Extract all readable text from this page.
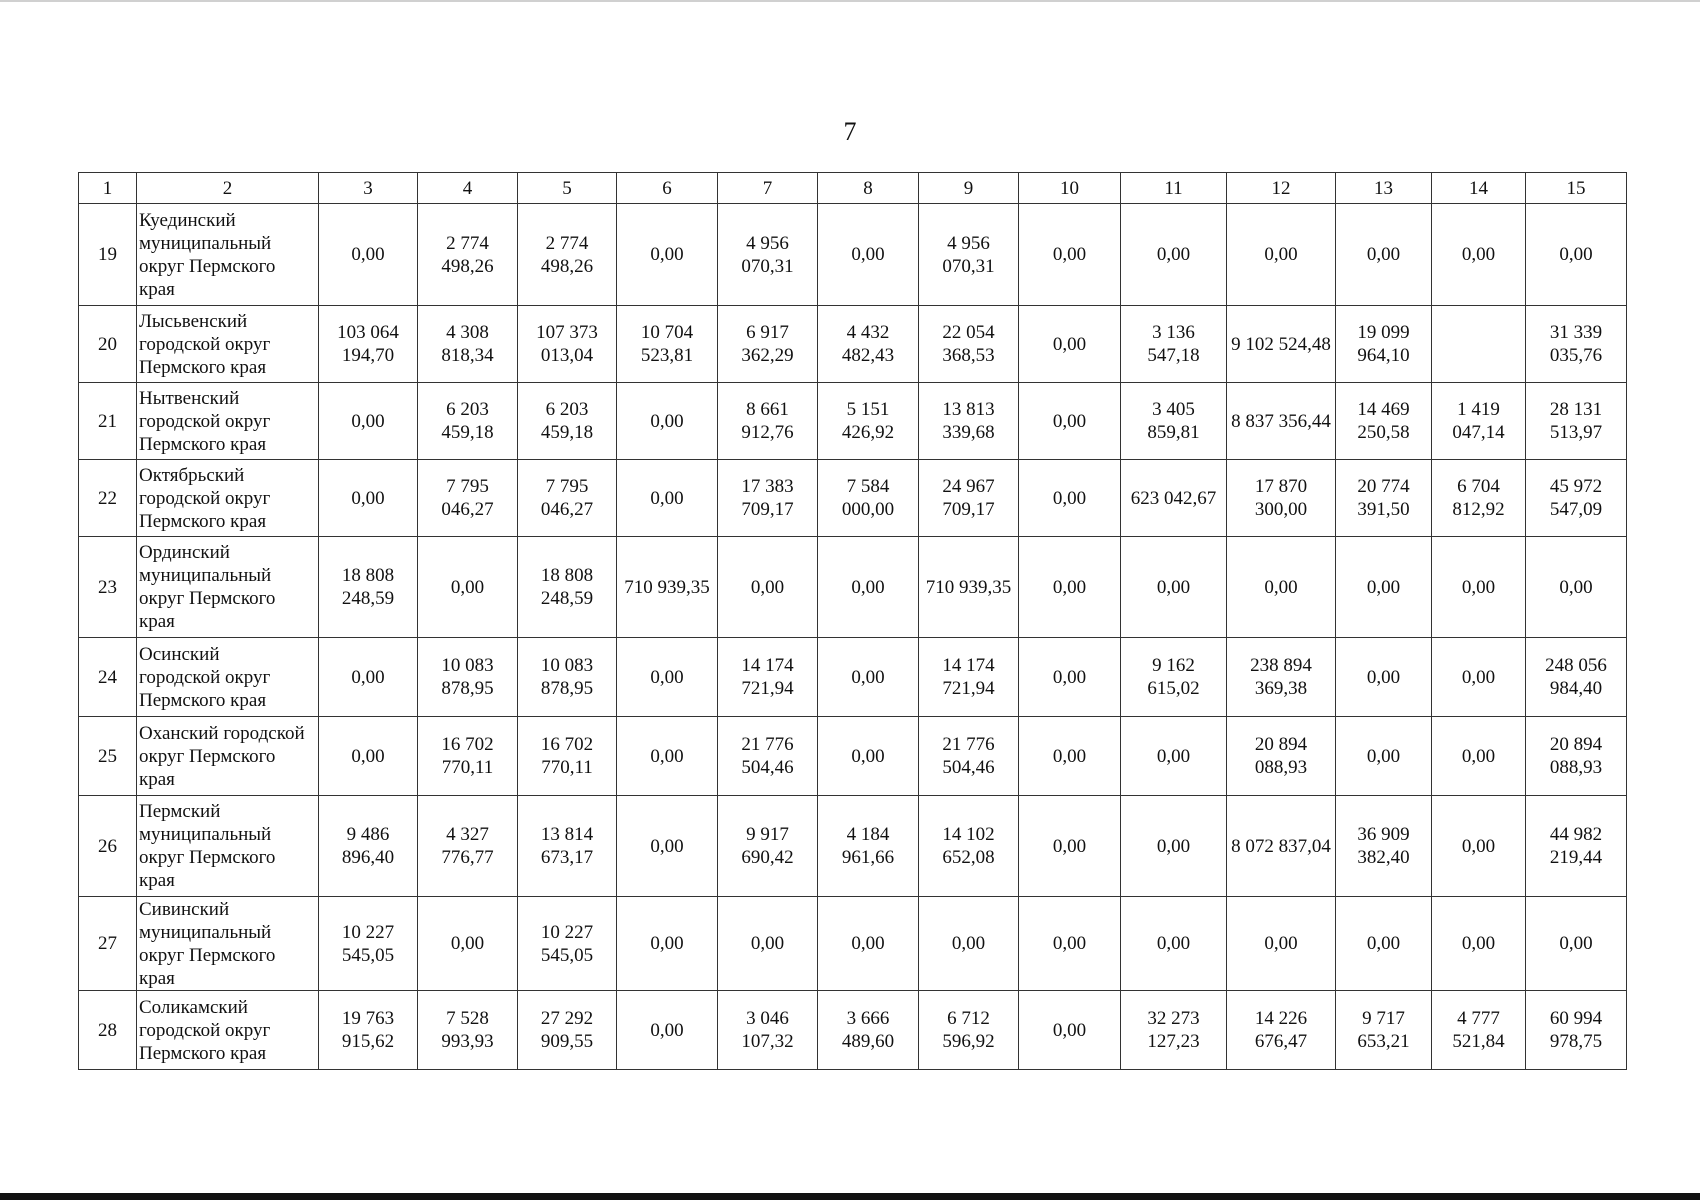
7
1	2	3	4	5	6	7	8	9	10	11	12	13	14	15
19	Куединский
муниципальный
округ Пермского
края	0,00	2 774
498,26	2 774
498,26	0,00	4 956
070,31	0,00	4 956
070,31	0,00	0,00	0,00	0,00	0,00	0,00
20	Лысьвенский
городской округ
Пермского края	103 064
194,70	4 308
818,34	107 373
013,04	10 704
523,81	6 917
362,29	4 432
482,43	22 054
368,53	0,00	3 136
547,18	9 102 524,48	19 099
964,10		31 339
035,76
21	Нытвенский
городской округ
Пермского края	0,00	6 203
459,18	6 203
459,18	0,00	8 661
912,76	5 151
426,92	13 813
339,68	0,00	3 405
859,81	8 837 356,44	14 469
250,58	1 419
047,14	28 131
513,97
22	Октябрьский
городской округ
Пермского края	0,00	7 795
046,27	7 795
046,27	0,00	17 383
709,17	7 584
000,00	24 967
709,17	0,00	623 042,67	17 870
300,00	20 774
391,50	6 704
812,92	45 972
547,09
23	Ординский
муниципальный
округ Пермского
края	18 808
248,59	0,00	18 808
248,59	710 939,35	0,00	0,00	710 939,35	0,00	0,00	0,00	0,00	0,00	0,00
24	Осинский
городской округ
Пермского края	0,00	10 083
878,95	10 083
878,95	0,00	14 174
721,94	0,00	14 174
721,94	0,00	9 162
615,02	238 894
369,38	0,00	0,00	248 056
984,40
25	Оханский городской
округ Пермского
края	0,00	16 702
770,11	16 702
770,11	0,00	21 776
504,46	0,00	21 776
504,46	0,00	0,00	20 894
088,93	0,00	0,00	20 894
088,93
26	Пермский
муниципальный
округ Пермского
края	9 486
896,40	4 327
776,77	13 814
673,17	0,00	9 917
690,42	4 184
961,66	14 102
652,08	0,00	0,00	8 072 837,04	36 909
382,40	0,00	44 982
219,44
27	Сивинский
муниципальный
округ Пермского
края	10 227
545,05	0,00	10 227
545,05	0,00	0,00	0,00	0,00	0,00	0,00	0,00	0,00	0,00	0,00
28	Соликамский
городской округ
Пермского края	19 763
915,62	7 528
993,93	27 292
909,55	0,00	3 046
107,32	3 666
489,60	6 712
596,92	0,00	32 273
127,23	14 226
676,47	9 717
653,21	4 777
521,84	60 994
978,75
